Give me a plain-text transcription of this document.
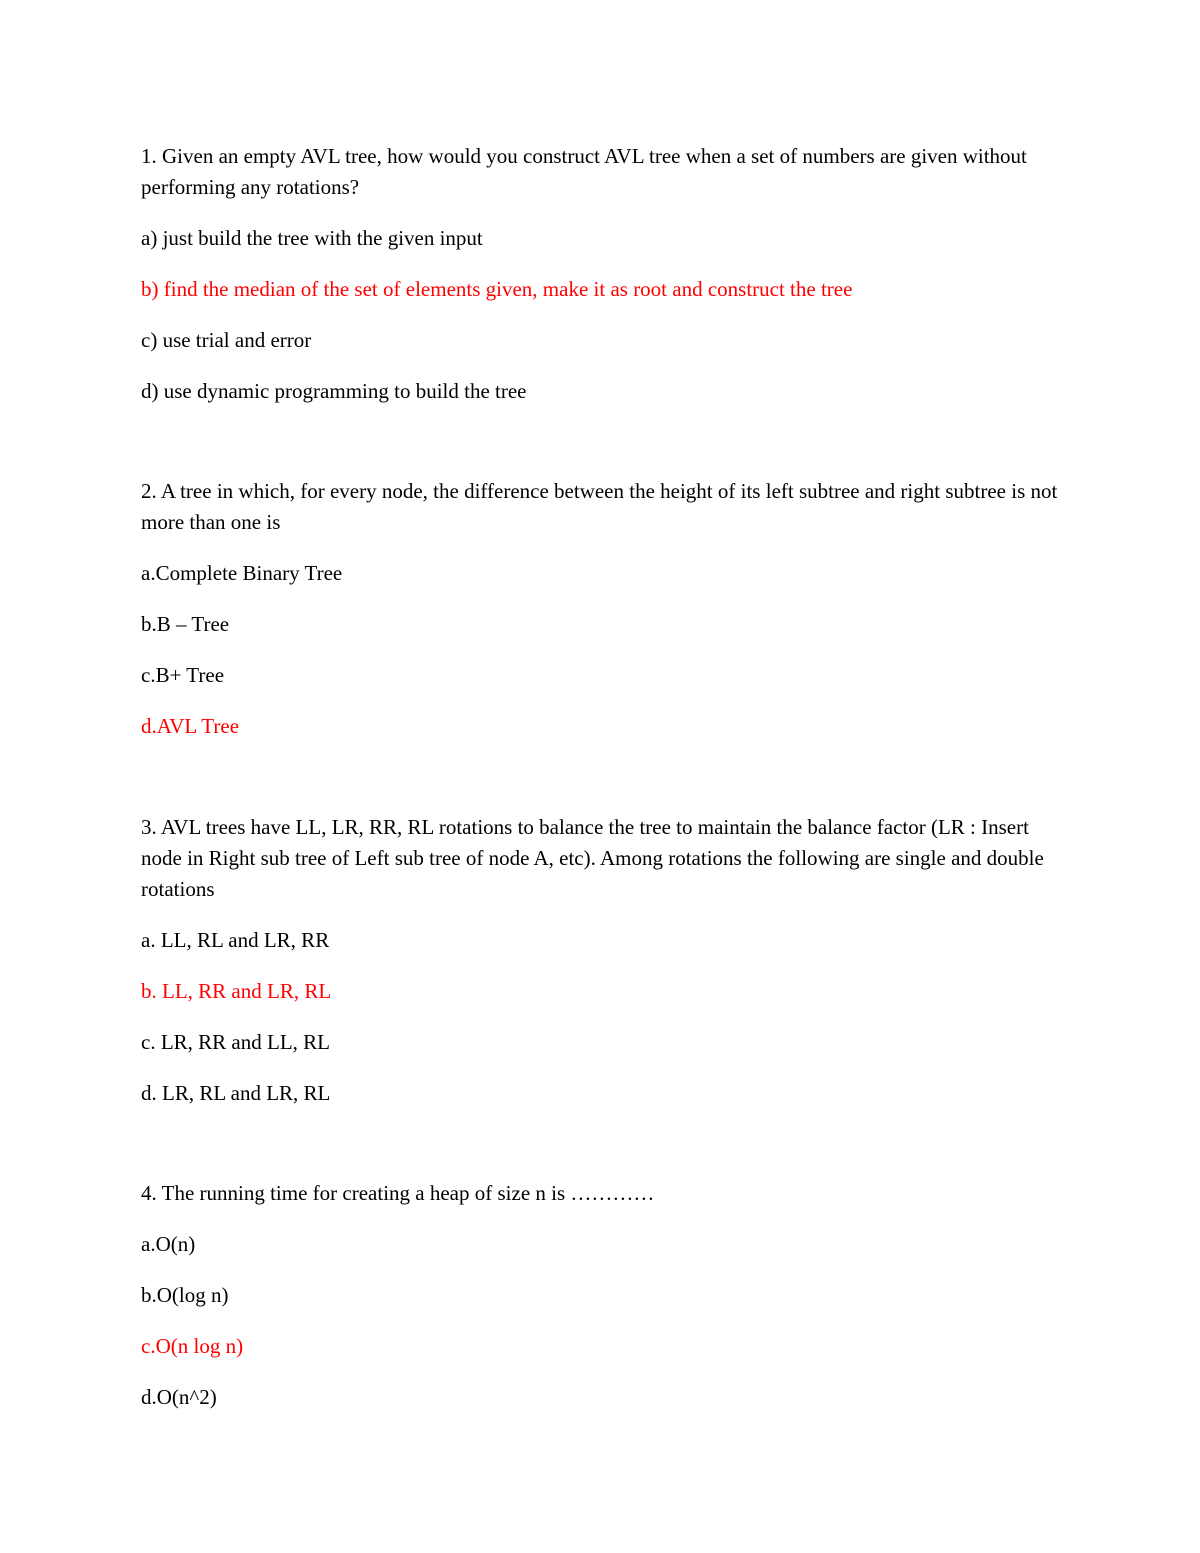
1. Given an empty AVL tree, how would you construct AVL tree when a set of numbers are given without performing any rotations?

a) just build the tree with the given input

b) find the median of the set of elements given, make it as root and construct the tree

c) use trial and error

d) use dynamic programming to build the tree

2. A tree in which, for every node, the difference between the height of its left subtree and right subtree is not more than one is

a.Complete Binary Tree

b.B – Tree

c.B+ Tree

d.AVL Tree

3. AVL trees have LL, LR, RR, RL rotations to balance the tree to maintain the balance factor (LR : Insert node in Right sub tree of Left sub tree of node A, etc). Among rotations the following are single and double rotations

a. LL, RL and LR, RR

b. LL, RR and LR, RL

c. LR, RR and LL, RL

d. LR, RL and LR, RL

4. The running time for creating a heap of size n is …………

a.O(n)

b.O(log n)

c.O(n log n)

d.O(n^2)
